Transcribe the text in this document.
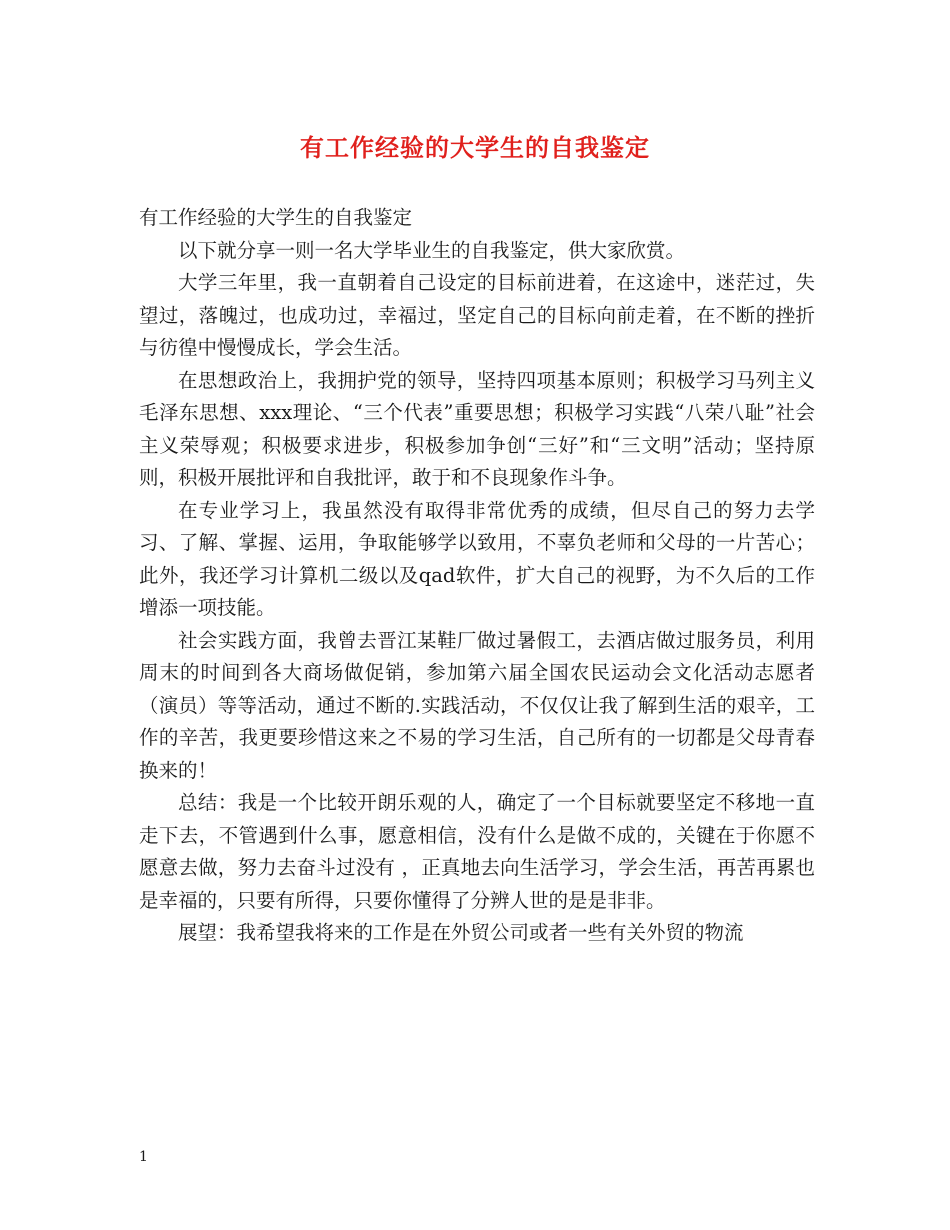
有工作经验的大学生的自我鉴定

有工作经验的大学生的自我鉴定

以下就分享一则一名大学毕业生的自我鉴定，供大家欣赏。

大学三年里，我一直朝着自己设定的目标前进着，在这途中，迷茫过，失望过，落魄过，也成功过，幸福过，坚定自己的目标向前走着，在不断的挫折与彷徨中慢慢成长，学会生活。

在思想政治上，我拥护党的领导，坚持四项基本原则；积极学习马列主义毛泽东思想、xxx理论、“三个代表”重要思想；积极学习实践“八荣八耻”社会主义荣辱观；积极要求进步，积极参加争创“三好”和“三文明”活动；坚持原则，积极开展批评和自我批评，敢于和不良现象作斗争。

在专业学习上，我虽然没有取得非常优秀的成绩，但尽自己的努力去学习、了解、掌握、运用，争取能够学以致用，不辜负老师和父母的一片苦心；此外，我还学习计算机二级以及qad软件，扩大自己的视野，为不久后的工作增添一项技能。

社会实践方面，我曾去晋江某鞋厂做过暑假工，去酒店做过服务员，利用周末的时间到各大商场做促销，参加第六届全国农民运动会文化活动志愿者（演员）等等活动，通过不断的.实践活动，不仅仅让我了解到生活的艰辛，工作的辛苦，我更要珍惜这来之不易的学习生活，自己所有的一切都是父母青春换来的！

总结：我是一个比较开朗乐观的人，确定了一个目标就要坚定不移地一直走下去，不管遇到什么事，愿意相信，没有什么是做不成的，关键在于你愿不愿意去做，努力去奋斗过没有 ，正真地去向生活学习，学会生活，再苦再累也是幸福的，只要有所得，只要你懂得了分辨人世的是是非非。

展望：我希望我将来的工作是在外贸公司或者一些有关外贸的物流

1
